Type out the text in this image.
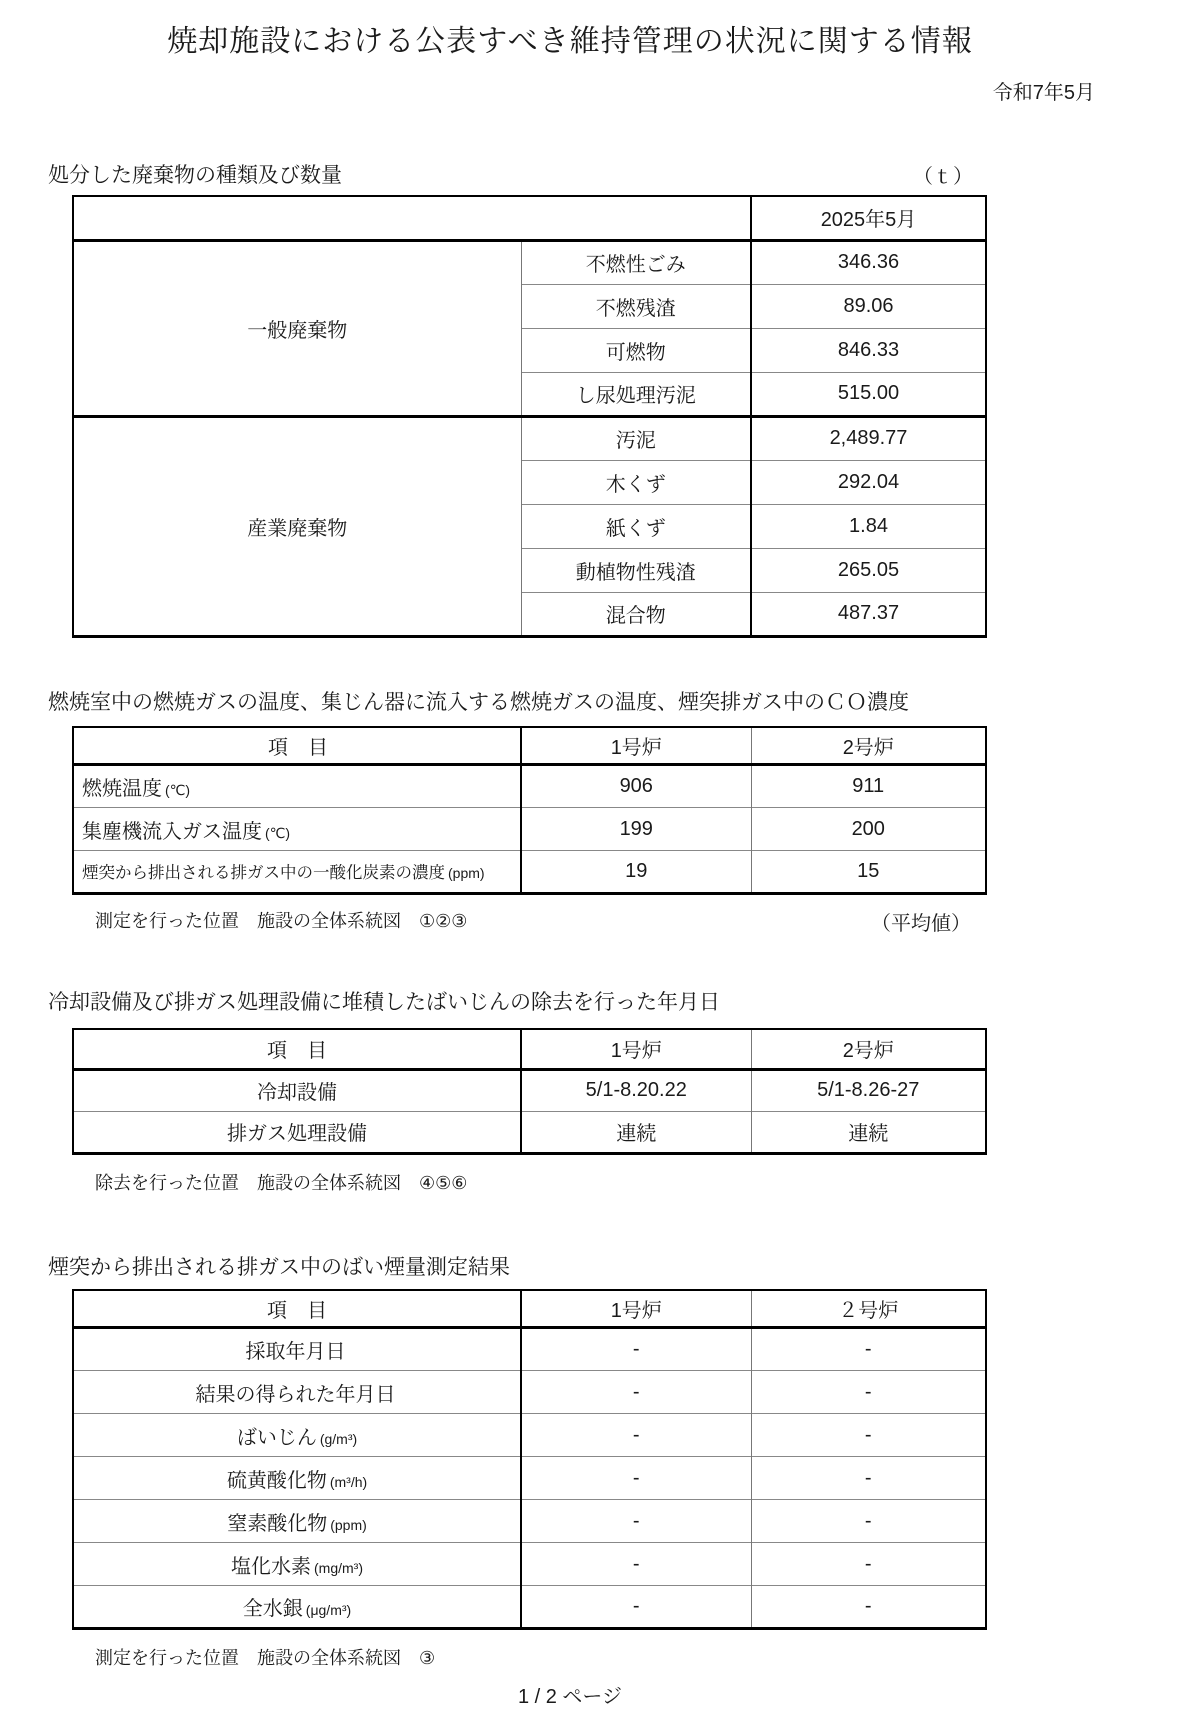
焼却施設における公表すべき維持管理の状況に関する情報
令和7年5月
処分した廃棄物の種類及び数量	（ｔ）
		2025年5月
一般廃棄物	不燃性ごみ	346.36
	不燃残渣	89.06
	可燃物	846.33
	し尿処理汚泥	515.00
産業廃棄物	汚泥	2,489.77
	木くず	292.04
	紙くず	1.84
	動植物性残渣	265.05
	混合物	487.37
燃焼室中の燃焼ガスの温度、集じん器に流入する燃焼ガスの温度、煙突排ガス中のＣＯ濃度
項　目	1号炉	2号炉
燃焼温度 (℃)	906	911
集塵機流入ガス温度 (℃)	199	200
煙突から排出される排ガス中の一酸化炭素の濃度 (ppm)	19	15
測定を行った位置　施設の全体系統図　①②③	（平均値）
冷却設備及び排ガス処理設備に堆積したばいじんの除去を行った年月日
項　目	1号炉	2号炉
冷却設備	5/1-8.20.22	5/1-8.26-27
排ガス処理設備	連続	連続
除去を行った位置　施設の全体系統図　④⑤⑥
煙突から排出される排ガス中のばい煙量測定結果
項　目	1号炉	２号炉
採取年月日	-	-
結果の得られた年月日	-	-
ばいじん (g/m³)	-	-
硫黄酸化物 (m³/h)	-	-
窒素酸化物 (ppm)	-	-
塩化水素 (mg/m³)	-	-
全水銀 (μg/m³)	-	-
測定を行った位置　施設の全体系統図　③
1 / 2 ページ
